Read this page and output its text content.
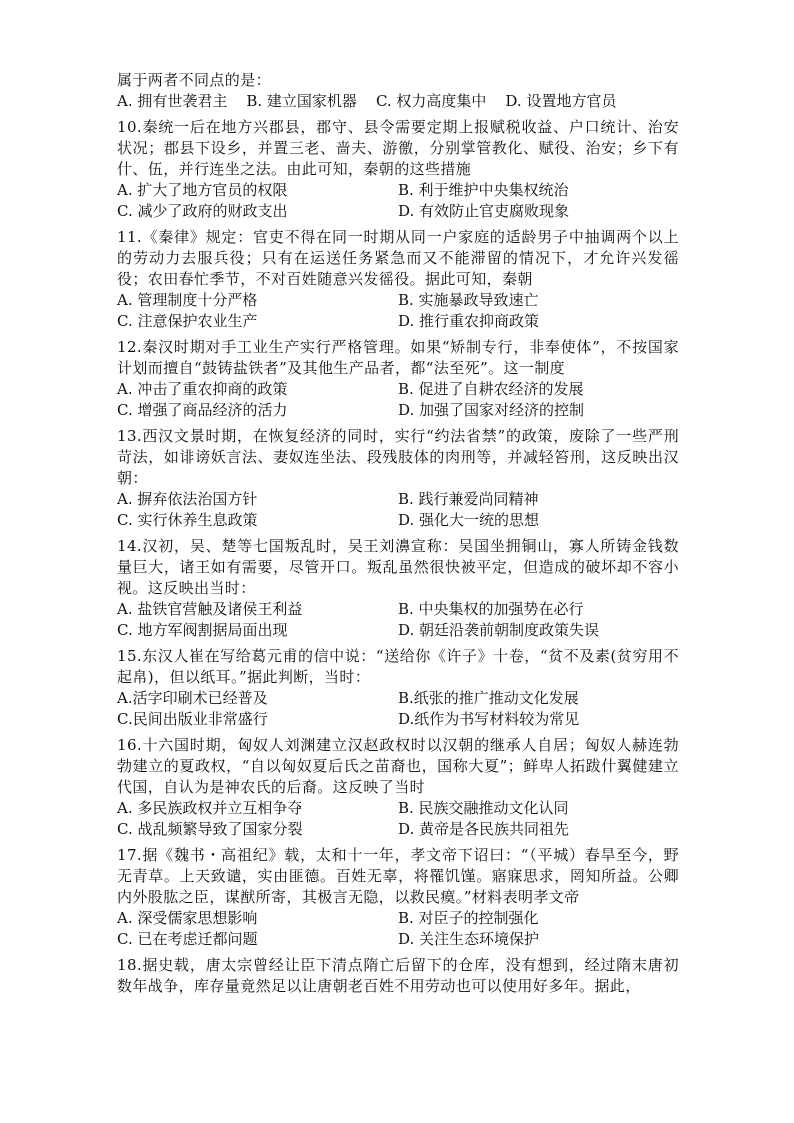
属于两者不同点的是：
A. 拥有世袭君主 B. 建立国家机器 C. 权力高度集中 D. 设置地方官员
10.秦统一后在地方兴郡县，郡守、县令需要定期上报赋税收益、户口统计、治安状况；郡县下设乡，并置三老、啬夫、游徼，分别掌管教化、赋役、治安；乡下有什、伍，并行连坐之法。由此可知，秦朝的这些措施
A. 扩大了地方官员的权限	B. 利于维护中央集权统治
C. 减少了政府的财政支出	D. 有效防止官吏腐败现象
11.《秦律》规定：官吏不得在同一时期从同一户家庭的适龄男子中抽调两个以上的劳动力去服兵役；只有在运送任务紧急而又不能滞留的情况下，才允许兴发徭役；农田春忙季节，不对百姓随意兴发徭役。据此可知，秦朝
A. 管理制度十分严格	B. 实施暴政导致速亡
C. 注意保护农业生产	D. 推行重农抑商政策
12.秦汉时期对手工业生产实行严格管理。如果“矫制专行，非奉使体”，不按国家计划而擅自“鼓铸盐铁者”及其他生产品者，都“法至死”。这一制度
A. 冲击了重农抑商的政策	B. 促进了自耕农经济的发展
C. 增强了商品经济的活力	D. 加强了国家对经济的控制
13.西汉文景时期，在恢复经济的同时，实行“约法省禁”的政策，废除了一些严刑苛法，如诽谤妖言法、妻奴连坐法、段残肢体的肉刑等，并减轻笞刑，这反映出汉朝：
A. 摒弃依法治国方针	B. 践行兼爱尚同精神
C. 实行休养生息政策	D. 强化大一统的思想
14.汉初，吴、楚等七国叛乱时，吴王刘濞宣称：吴国坐拥铜山，寡人所铸金钱数量巨大，诸王如有需要，尽管开口。叛乱虽然很快被平定，但造成的破坏却不容小视。这反映出当时：
A. 盐铁官营触及诸侯王利益	B. 中央集权的加强势在必行
C. 地方军阀割据局面出现	D. 朝廷沿袭前朝制度政策失误
15.东汉人崔在写给葛元甫的信中说：“送给你《许子》十卷，“贫不及素(贫穷用不起帛)，但以纸耳。”据此判断，当时：
A.活字印刷术已经普及	B.纸张的推广推动文化发展
C.民间出版业非常盛行	D.纸作为书写材料较为常见
16.十六国时期，匈奴人刘渊建立汉赵政权时以汉朝的继承人自居；匈奴人赫连勃勃建立的夏政权，“自以匈奴夏后氏之苗裔也，国称大夏”；鲜卑人拓跋什翼健建立代国，自认为是神农氏的后裔。这反映了当时
A. 多民族政权并立互相争夺	B. 民族交融推动文化认同
C. 战乱频繁导致了国家分裂	D. 黄帝是各民族共同祖先
17.据《魏书・高祖纪》载，太和十一年，孝文帝下诏曰：“（平城）春旱至今，野无青草。上天致谴，实由匪德。百姓无辜，将罹饥馑。寤寐思求，罔知所益。公卿内外股肱之臣，谋猷所寄，其极言无隐，以救民瘼。”材料表明孝文帝
A. 深受儒家思想影响	B. 对臣子的控制强化
C. 已在考虑迁都问题	D. 关注生态环境保护
18.据史载，唐太宗曾经让臣下清点隋亡后留下的仓库，没有想到，经过隋末唐初数年战争，库存量竟然足以让唐朝老百姓不用劳动也可以使用好多年。据此，
